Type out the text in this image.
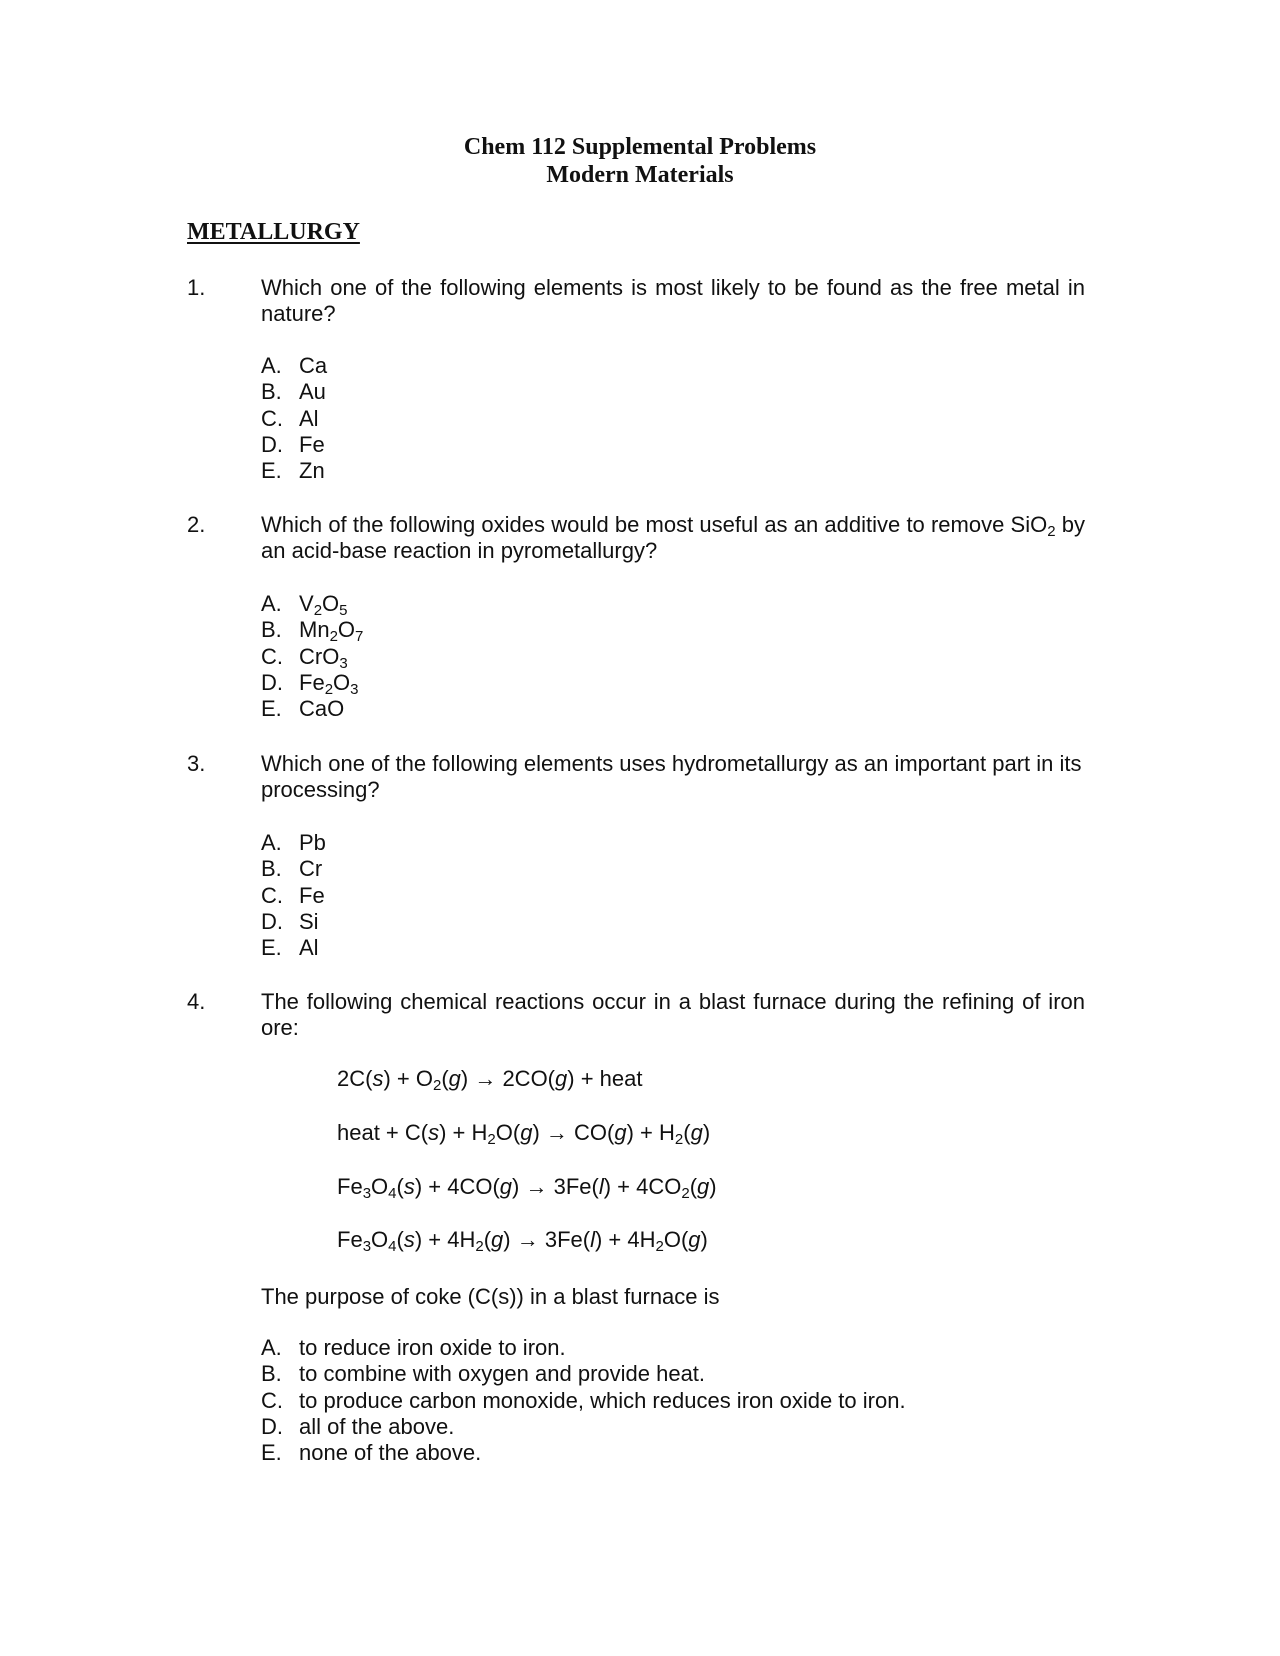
Chem 112 Supplemental Problems
Modern Materials
METALLURGY
1.	Which one of the following elements is most likely to be found as the free metal in nature?
A. Ca
B. Au
C. Al
D. Fe
E. Zn
2.	Which of the following oxides would be most useful as an additive to remove SiO$_2$ by an acid-base reaction in pyrometallurgy?
A. $V_2O_5$
B. $Mn_2O_7$
C. CrO$_3$
D. $Fe_2O_3$
E. CaO
3.	Which one of the following elements uses hydrometallurgy as an important part in its processing?
A. Pb
B. Cr
C. Fe
D. Si
E. Al
4.	The following chemical reactions occur in a blast furnace during the refining of iron ore:
$2C(s) + O_2(g) \to 2CO(g)$ + heat
heat + $C(s) + H_2O(g) \to CO(g) + H_2(g)$
$Fe_3O_4(s) + 4CO(g) \to 3Fe(l) + 4CO_2(g)$
$Fe_3O_4(s) + 4H_2(g) \to 3Fe(l) + 4H_2O(g)$
The purpose of coke (C(s)) in a blast furnace is
A. to reduce iron oxide to iron.
B. to combine with oxygen and provide heat.
C. to produce carbon monoxide, which reduces iron oxide to iron.
D. all of the above.
E. none of the above.
